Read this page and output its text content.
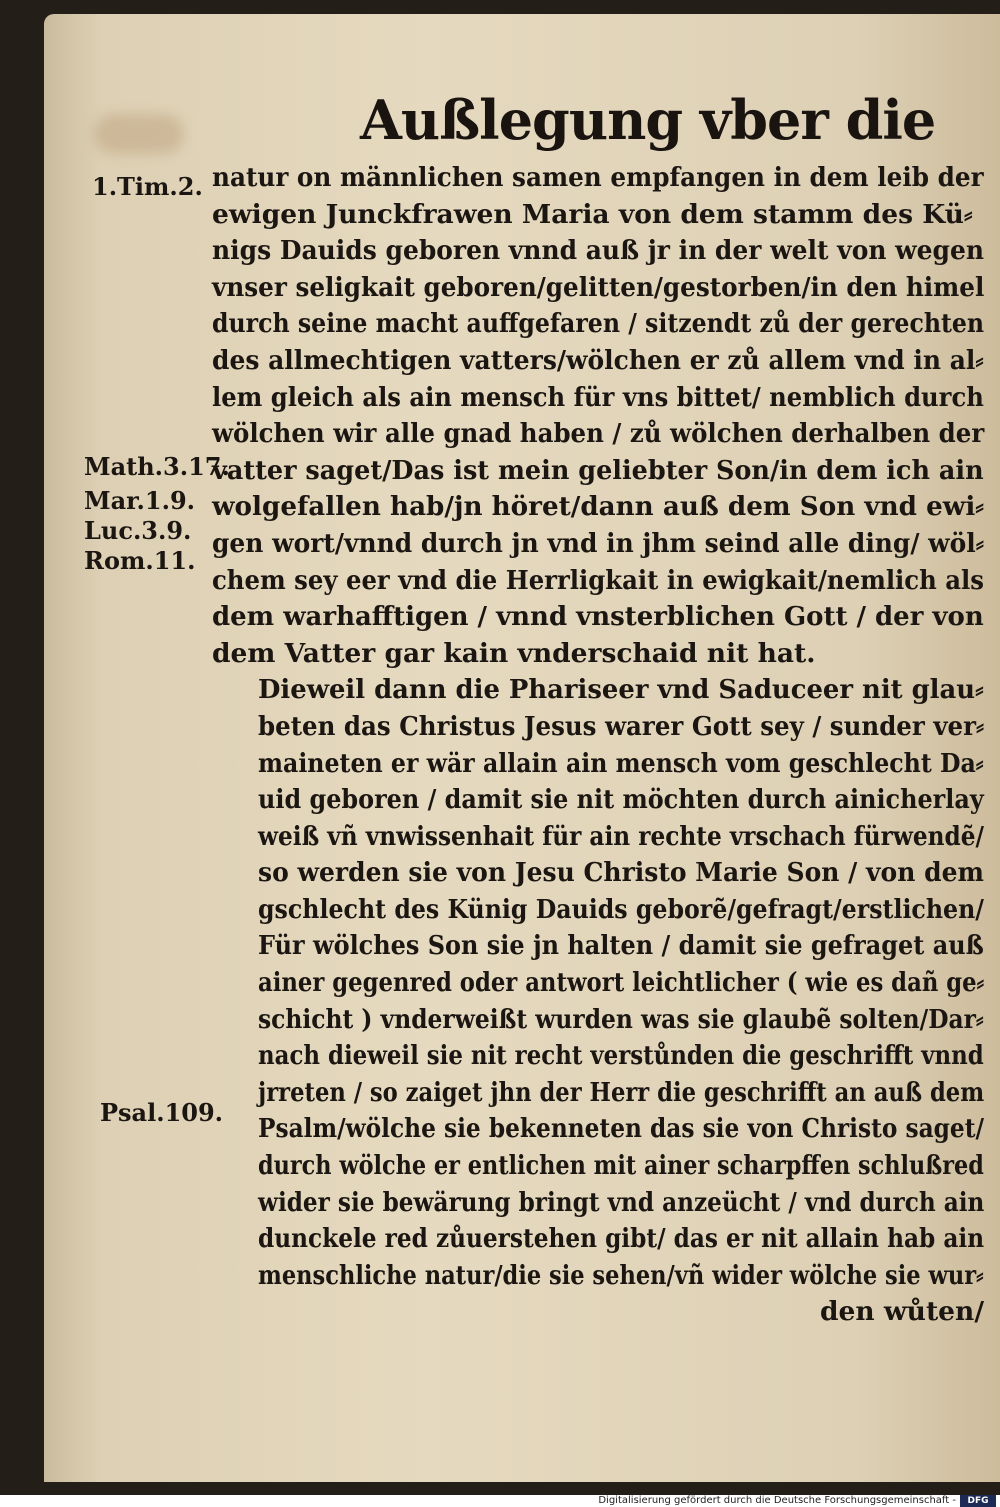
Außlegung vber die
1.Tim.2.
Math.3.17.
Mar.1.9.
Luc.3.9.
Rom.11.
Psal.109.
natur on männlichen samen empfangen in dem leib der
ewigen Junckfrawen Maria von dem stamm des Kü⸗
nigs Dauids geboren vnnd auß jr in der welt von wegen
vnser seligkait geboren/gelitten/gestorben/in den himel
durch seine macht auffgefaren / sitzendt zů der gerechten
des allmechtigen vatters/wölchen er zů allem vnd in al⸗
lem gleich als ain mensch für vns bittet/ nemblich durch
wölchen wir alle gnad haben / zů wölchen derhalben der
vatter saget/Das ist mein geliebter Son/in dem ich ain
wolgefallen hab/jn höret/dann auß dem Son vnd ewi⸗
gen wort/vnnd durch jn vnd in jhm seind alle ding/ wöl⸗
chem sey eer vnd die Herrligkait in ewigkait/nemlich als
dem warhafftigen / vnnd vnsterblichen Gott / der von
dem Vatter gar kain vnderschaid nit hat.
Dieweil dann die Phariseer vnd Saduceer nit glau⸗
beten das Christus Jesus warer Gott sey / sunder ver⸗
maineten er wär allain ain mensch vom geschlecht Da⸗
uid geboren / damit sie nit möchten durch ainicherlay
weiß vñ vnwissenhait für ain rechte vrschach fürwendẽ/
so werden sie von Jesu Christo Marie Son / von dem
gschlecht des Künig Dauids geborẽ/gefragt/erstlichen/
Für wölches Son sie jn halten / damit sie gefraget auß
ainer gegenred oder antwort leichtlicher ( wie es dañ ge⸗
schicht ) vnderweißt wurden was sie glaubẽ solten/Dar⸗
nach dieweil sie nit recht verstůnden die geschrifft vnnd
jrreten / so zaiget jhn der Herr die geschrifft an auß dem
Psalm/wölche sie bekenneten das sie von Christo saget/
durch wölche er entlichen mit ainer scharpffen schlußred
wider sie bewärung bringt vnd anzeücht / vnd durch ain
dunckele red zůuerstehen gibt/ das er nit allain hab ain
menschliche natur/die sie sehen/vñ wider wölche sie wur⸗
den wůten/
Digitalisierung gefördert durch die Deutsche Forschungsgemeinschaft -	DFG
